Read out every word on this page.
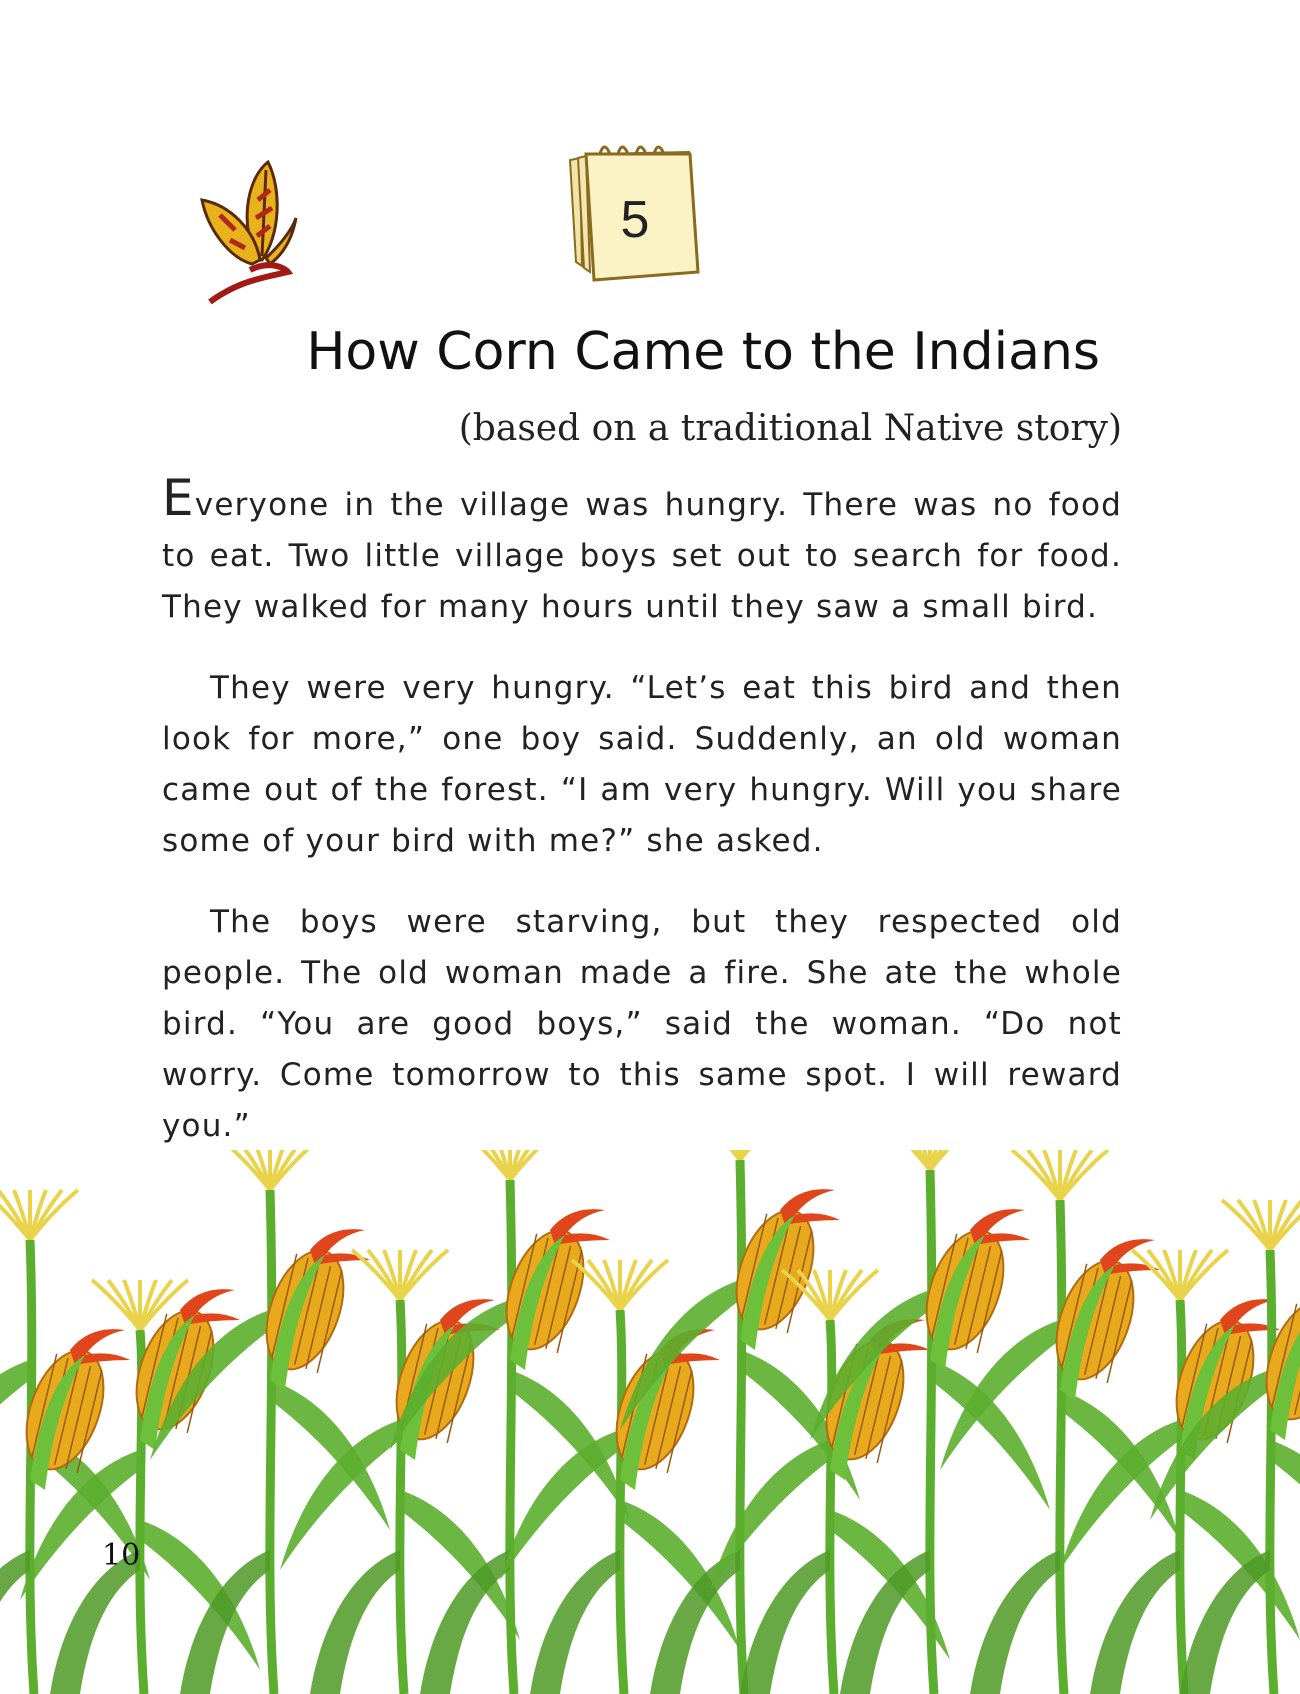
5
How Corn Came to the Indians
(based on a traditional Native story)

Everyone in the village was hungry. There was no food to eat. Two little village boys set out to search for food. They walked for many hours until they saw a small bird.

They were very hungry. “Let’s eat this bird and then look for more,” one boy said. Suddenly, an old woman came out of the forest. “I am very hungry. Will you share some of your bird with me?” she asked.

The boys were starving, but they respected old people. The old woman made a fire. She ate the whole bird. “You are good boys,” said the woman. “Do not worry. Come tomorrow to this same spot. I will reward you.”

10
